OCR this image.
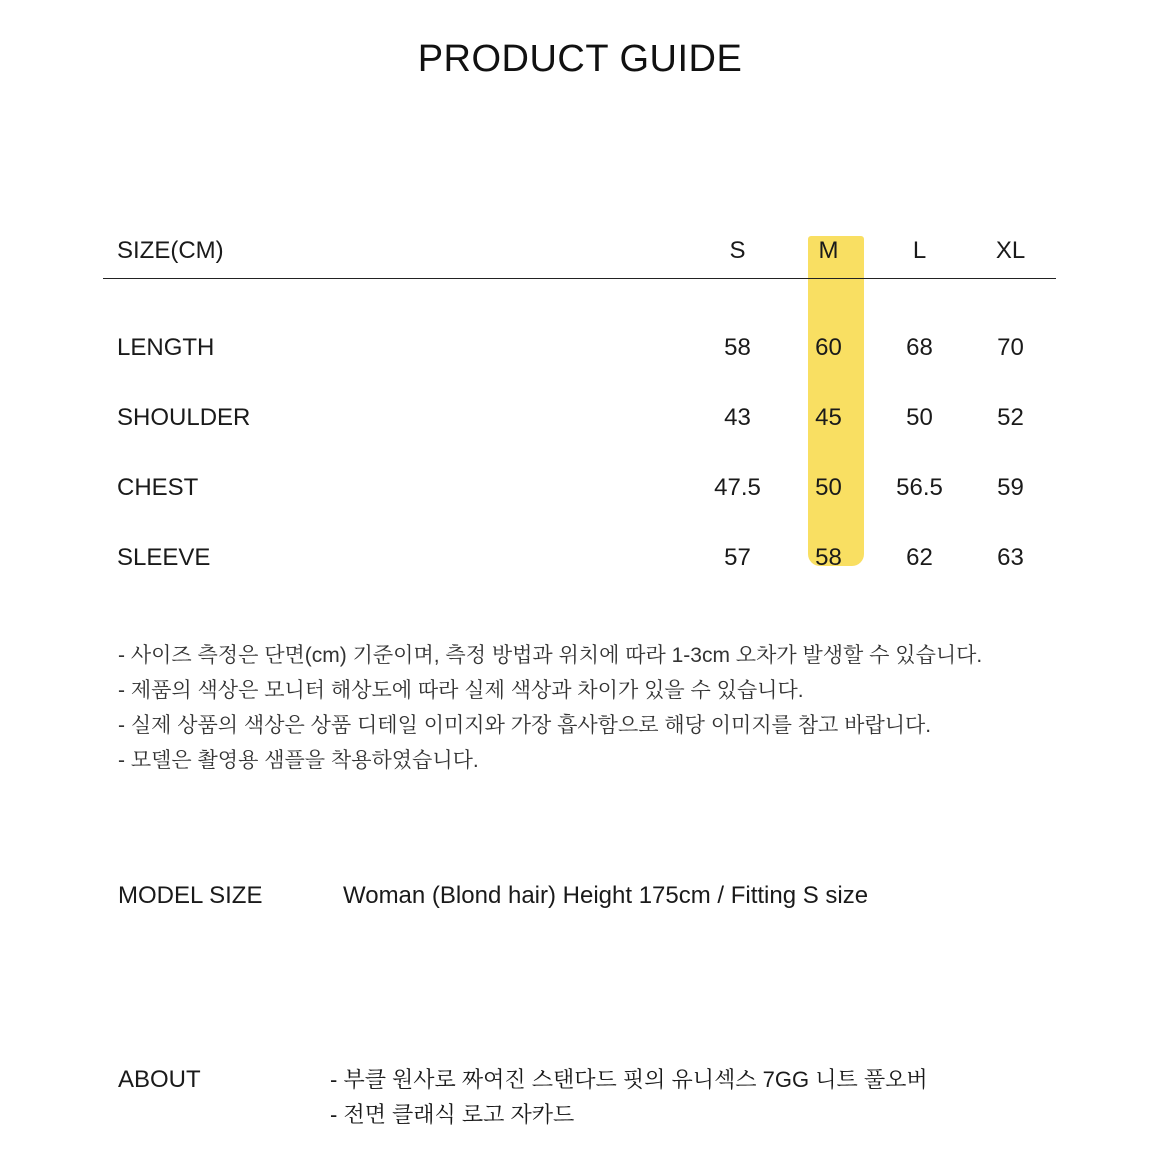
PRODUCT GUIDE
SIZE(CM)	S	M	L	XL
LENGTH	58	60	68	70
SHOULDER	43	45	50	52
CHEST	47.5	50	56.5	59
SLEEVE	57	58	62	63
- 사이즈 측정은 단면(cm) 기준이며, 측정 방법과 위치에 따라 1-3cm 오차가 발생할 수 있습니다.
- 제품의 색상은 모니터 해상도에 따라 실제 색상과 차이가 있을 수 있습니다.
- 실제 상품의 색상은 상품 디테일 이미지와 가장 흡사함으로 해당 이미지를 참고 바랍니다.
- 모델은 촬영용 샘플을 착용하였습니다.
MODEL SIZE	Woman (Blond hair) Height 175cm / Fitting S size
ABOUT	- 부클 원사로 짜여진 스탠다드 핏의 유니섹스 7GG 니트 풀오버
- 전면 클래식 로고 자카드
